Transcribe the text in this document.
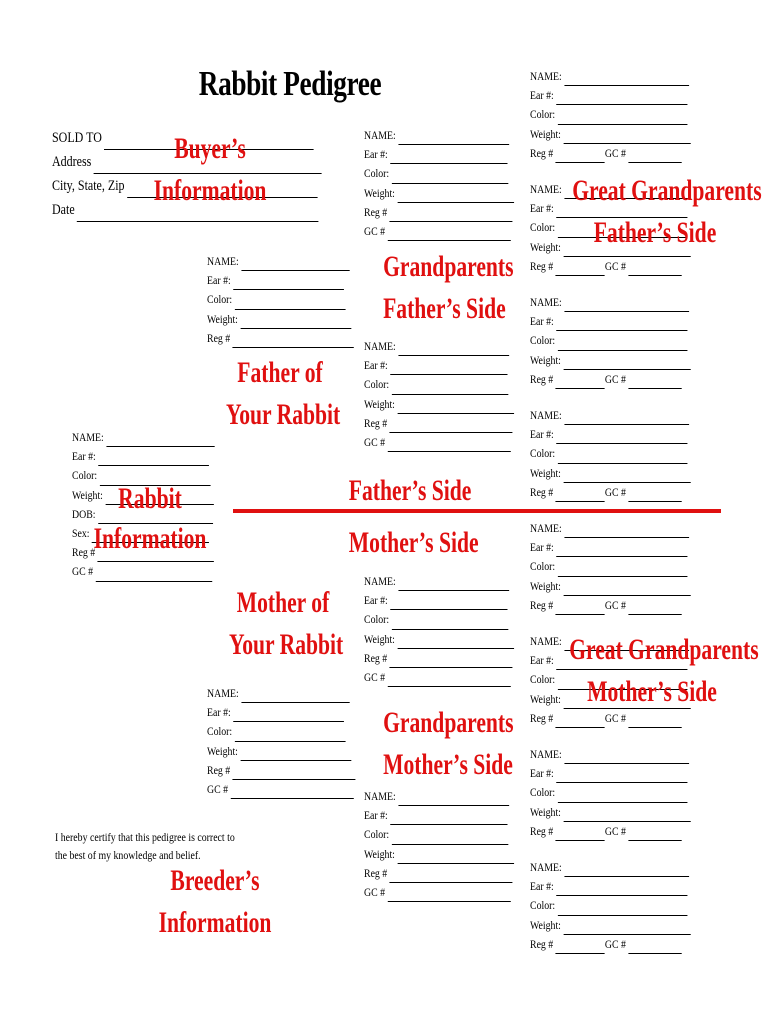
Rabbit Pedigree
SOLD TO
Address
City, State, Zip
Date
Buyer’s
Information
NAME:
Ear #:
Color:
Weight:
DOB:
Sex:
Reg #
GC #
Rabbit
Information
NAME:
Ear #:
Color:
Weight:
Reg #
Father of
Your Rabbit
Mother of
Your Rabbit
NAME:
Ear #:
Color:
Weight:
Reg #
GC #
NAME:
Ear #:
Color:
Weight:
Reg #
GC #
Grandparents
Father’s Side
NAME:
Ear #:
Color:
Weight:
Reg #
GC #
Father’s Side
Mother’s Side
NAME:
Ear #:
Color:
Weight:
Reg #
GC #
Grandparents
Mother’s Side
NAME:
Ear #:
Color:
Weight:
Reg #
GC #
NAME:
Ear #:
Color:
Weight:
Reg #	GC #
NAME:
Ear #:
Color:
Weight:
Reg #	GC #
NAME:
Ear #:
Color:
Weight:
Reg #	GC #
NAME:
Ear #:
Color:
Weight:
Reg #	GC #
NAME:
Ear #:
Color:
Weight:
Reg #	GC #
NAME:
Ear #:
Color:
Weight:
Reg #	GC #
NAME:
Ear #:
Color:
Weight:
Reg #	GC #
NAME:
Ear #:
Color:
Weight:
Reg #	GC #
Great Grandparents
Father’s Side
Great Grandparents
Mother’s Side
I hereby certify that this pedigree is correct to
the best of my knowledge and belief.
Breeder’s
Information
